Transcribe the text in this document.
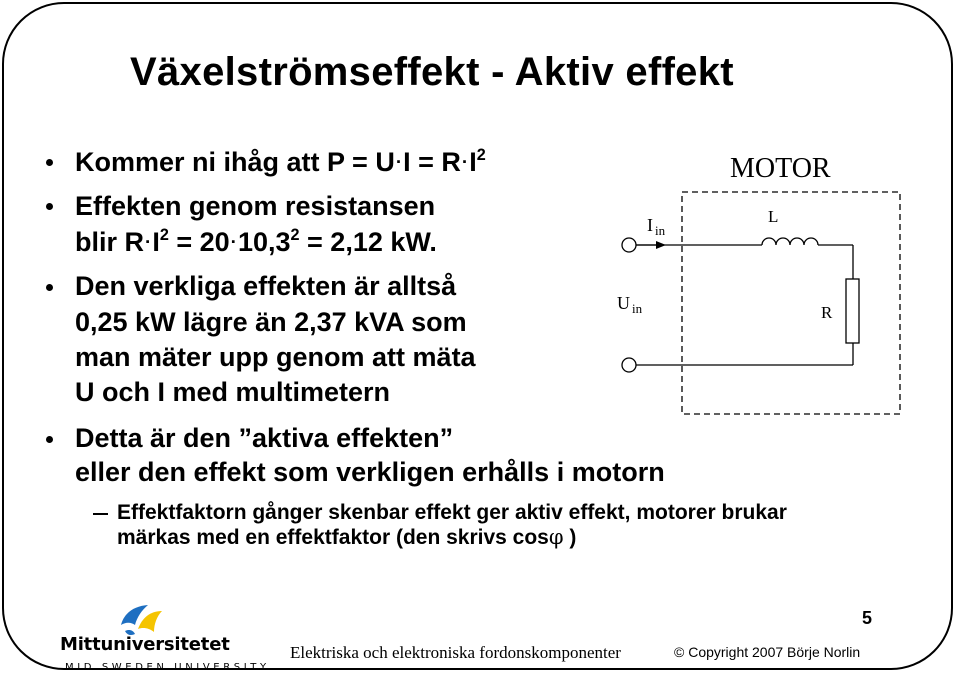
Växelströmseffekt - Aktiv effekt
Kommer ni ihåg att $P = U\cdot I = R\cdot I^2$
Effekten genom resistansen
blir $R\cdot I^2 = 20\cdot 10,3^2 = 2,12$ kW.
Den verkliga effekten är alltså
0,25 kW lägre än 2,37 kVA som
man mäter upp genom att mäta
U och I med multimetern
Detta är den ”aktiva effekten”
eller den effekt som verkligen erhålls i motorn
Effektfaktorn gånger skenbar effekt ger aktiv effekt, motorer brukar
märkas med en effektfaktor (den skrivs cosφ )
MOTOR
I $_{in}$
U $_{in}$
L
R
5
Mittuniversitetet
MID SWEDEN UNIVERSITY
Elektriska och elektroniska fordonskomponenter	© Copyright 2007 Börje Norlin
